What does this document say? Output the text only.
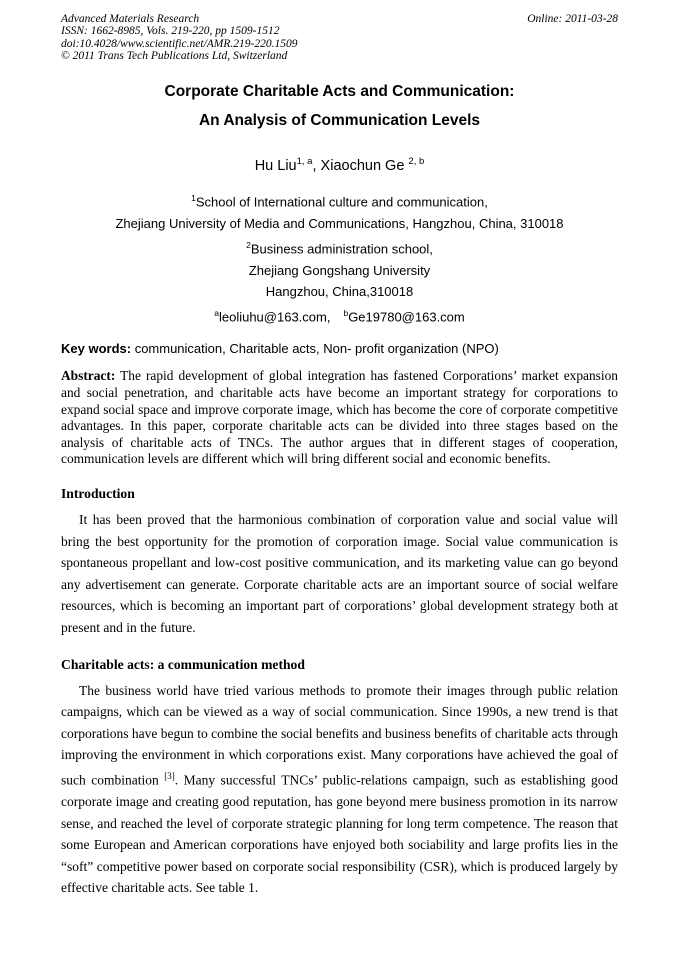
Advanced Materials Research
ISSN: 1662-8985, Vols. 219-220, pp 1509-1512
doi:10.4028/www.scientific.net/AMR.219-220.1509
© 2011 Trans Tech Publications Ltd, Switzerland
Online: 2011-03-28
Corporate Charitable Acts and Communication:
An Analysis of Communication Levels
Hu Liu$^{1, a}$, Xiaochun Ge $^{2, b}$
$^1$School of International culture and communication,
Zhejiang University of Media and Communications, Hangzhou, China, 310018
$^2$Business administration school,
Zhejiang Gongshang University
Hangzhou, China,310018
$^a$leoliuhu@163.com, $^b$Ge19780@163.com
Key words: communication, Charitable acts, Non- profit organization (NPO)

Abstract: The rapid development of global integration has fastened Corporations’ market expansion and social penetration, and charitable acts have become an important strategy for corporations to expand social space and improve corporate image, which has become the core of corporate competitive advantages. In this paper, corporate charitable acts can be divided into three stages based on the analysis of charitable acts of TNCs. The author argues that in different stages of cooperation, communication levels are different which will bring different social and economic benefits.

Introduction

It has been proved that the harmonious combination of corporation value and social value will bring the best opportunity for the promotion of corporation image. Social value communication is spontaneous propellant and low-cost positive communication, and its marketing value can go beyond any advertisement can generate. Corporate charitable acts are an important source of social welfare resources, which is becoming an important part of corporations’ global development strategy both at present and in the future.

Charitable acts: a communication method

The business world have tried various methods to promote their images through public relation campaigns, which can be viewed as a way of social communication. Since 1990s, a new trend is that corporations have begun to combine the social benefits and business benefits of charitable acts through improving the environment in which corporations exist. Many corporations have achieved the goal of such combination [3]. Many successful TNCs’ public-relations campaign, such as establishing good corporate image and creating good reputation, has gone beyond mere business promotion in its narrow sense, and reached the level of corporate strategic planning for long term competence. The reason that some European and American corporations have enjoyed both sociability and large profits lies in the “soft” competitive power based on corporate social responsibility (CSR), which is produced largely by effective charitable acts. See table 1.
